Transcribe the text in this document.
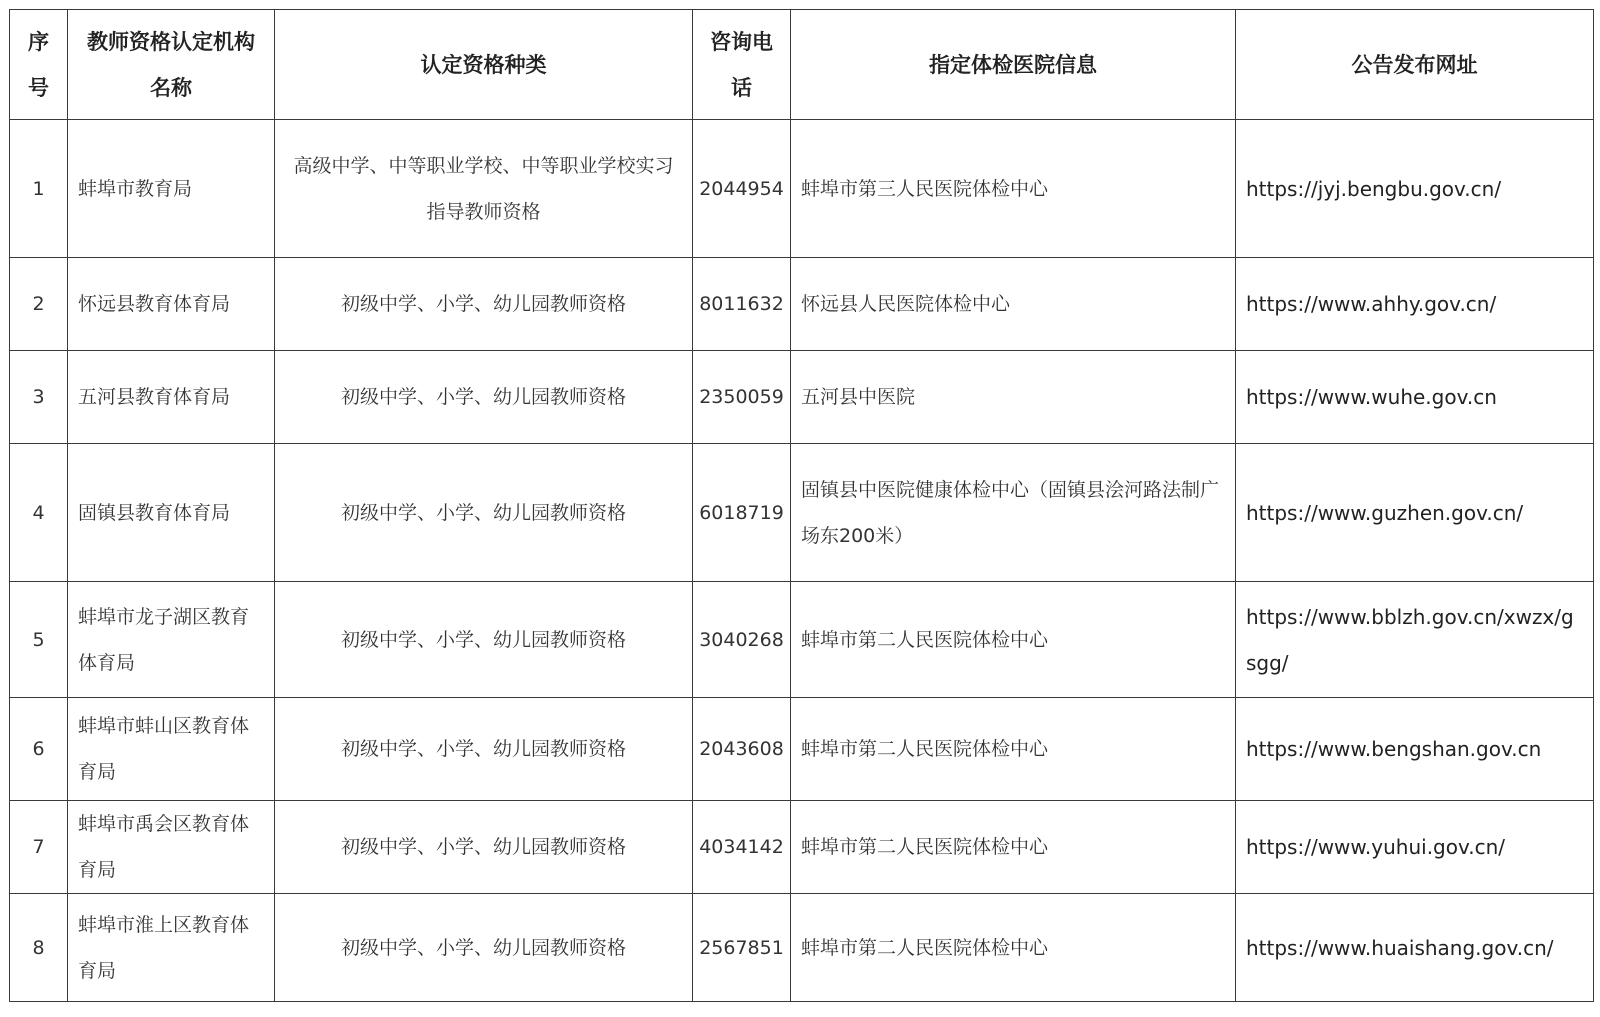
序号	教师资格认定机构名称	认定资格种类	咨询电话	指定体检医院信息	公告发布网址
1	蚌埠市教育局	高级中学、中等职业学校、中等职业学校实习指导教师资格	2044954	蚌埠市第三人民医院体检中心	https://jyj.bengbu.gov.cn/
2	怀远县教育体育局	初级中学、小学、幼儿园教师资格	8011632	怀远县人民医院体检中心	https://www.ahhy.gov.cn/
3	五河县教育体育局	初级中学、小学、幼儿园教师资格	2350059	五河县中医院	https://www.wuhe.gov.cn
4	固镇县教育体育局	初级中学、小学、幼儿园教师资格	6018719	固镇县中医院健康体检中心（固镇县浍河路法制广场东200米）	https://www.guzhen.gov.cn/
5	蚌埠市龙子湖区教育体育局	初级中学、小学、幼儿园教师资格	3040268	蚌埠市第二人民医院体检中心	https://www.bblzh.gov.cn/xwzx/gsgg/
6	蚌埠市蚌山区教育体育局	初级中学、小学、幼儿园教师资格	2043608	蚌埠市第二人民医院体检中心	https://www.bengshan.gov.cn
7	蚌埠市禹会区教育体育局	初级中学、小学、幼儿园教师资格	4034142	蚌埠市第二人民医院体检中心	https://www.yuhui.gov.cn/
8	蚌埠市淮上区教育体育局	初级中学、小学、幼儿园教师资格	2567851	蚌埠市第二人民医院体检中心	https://www.huaishang.gov.cn/
